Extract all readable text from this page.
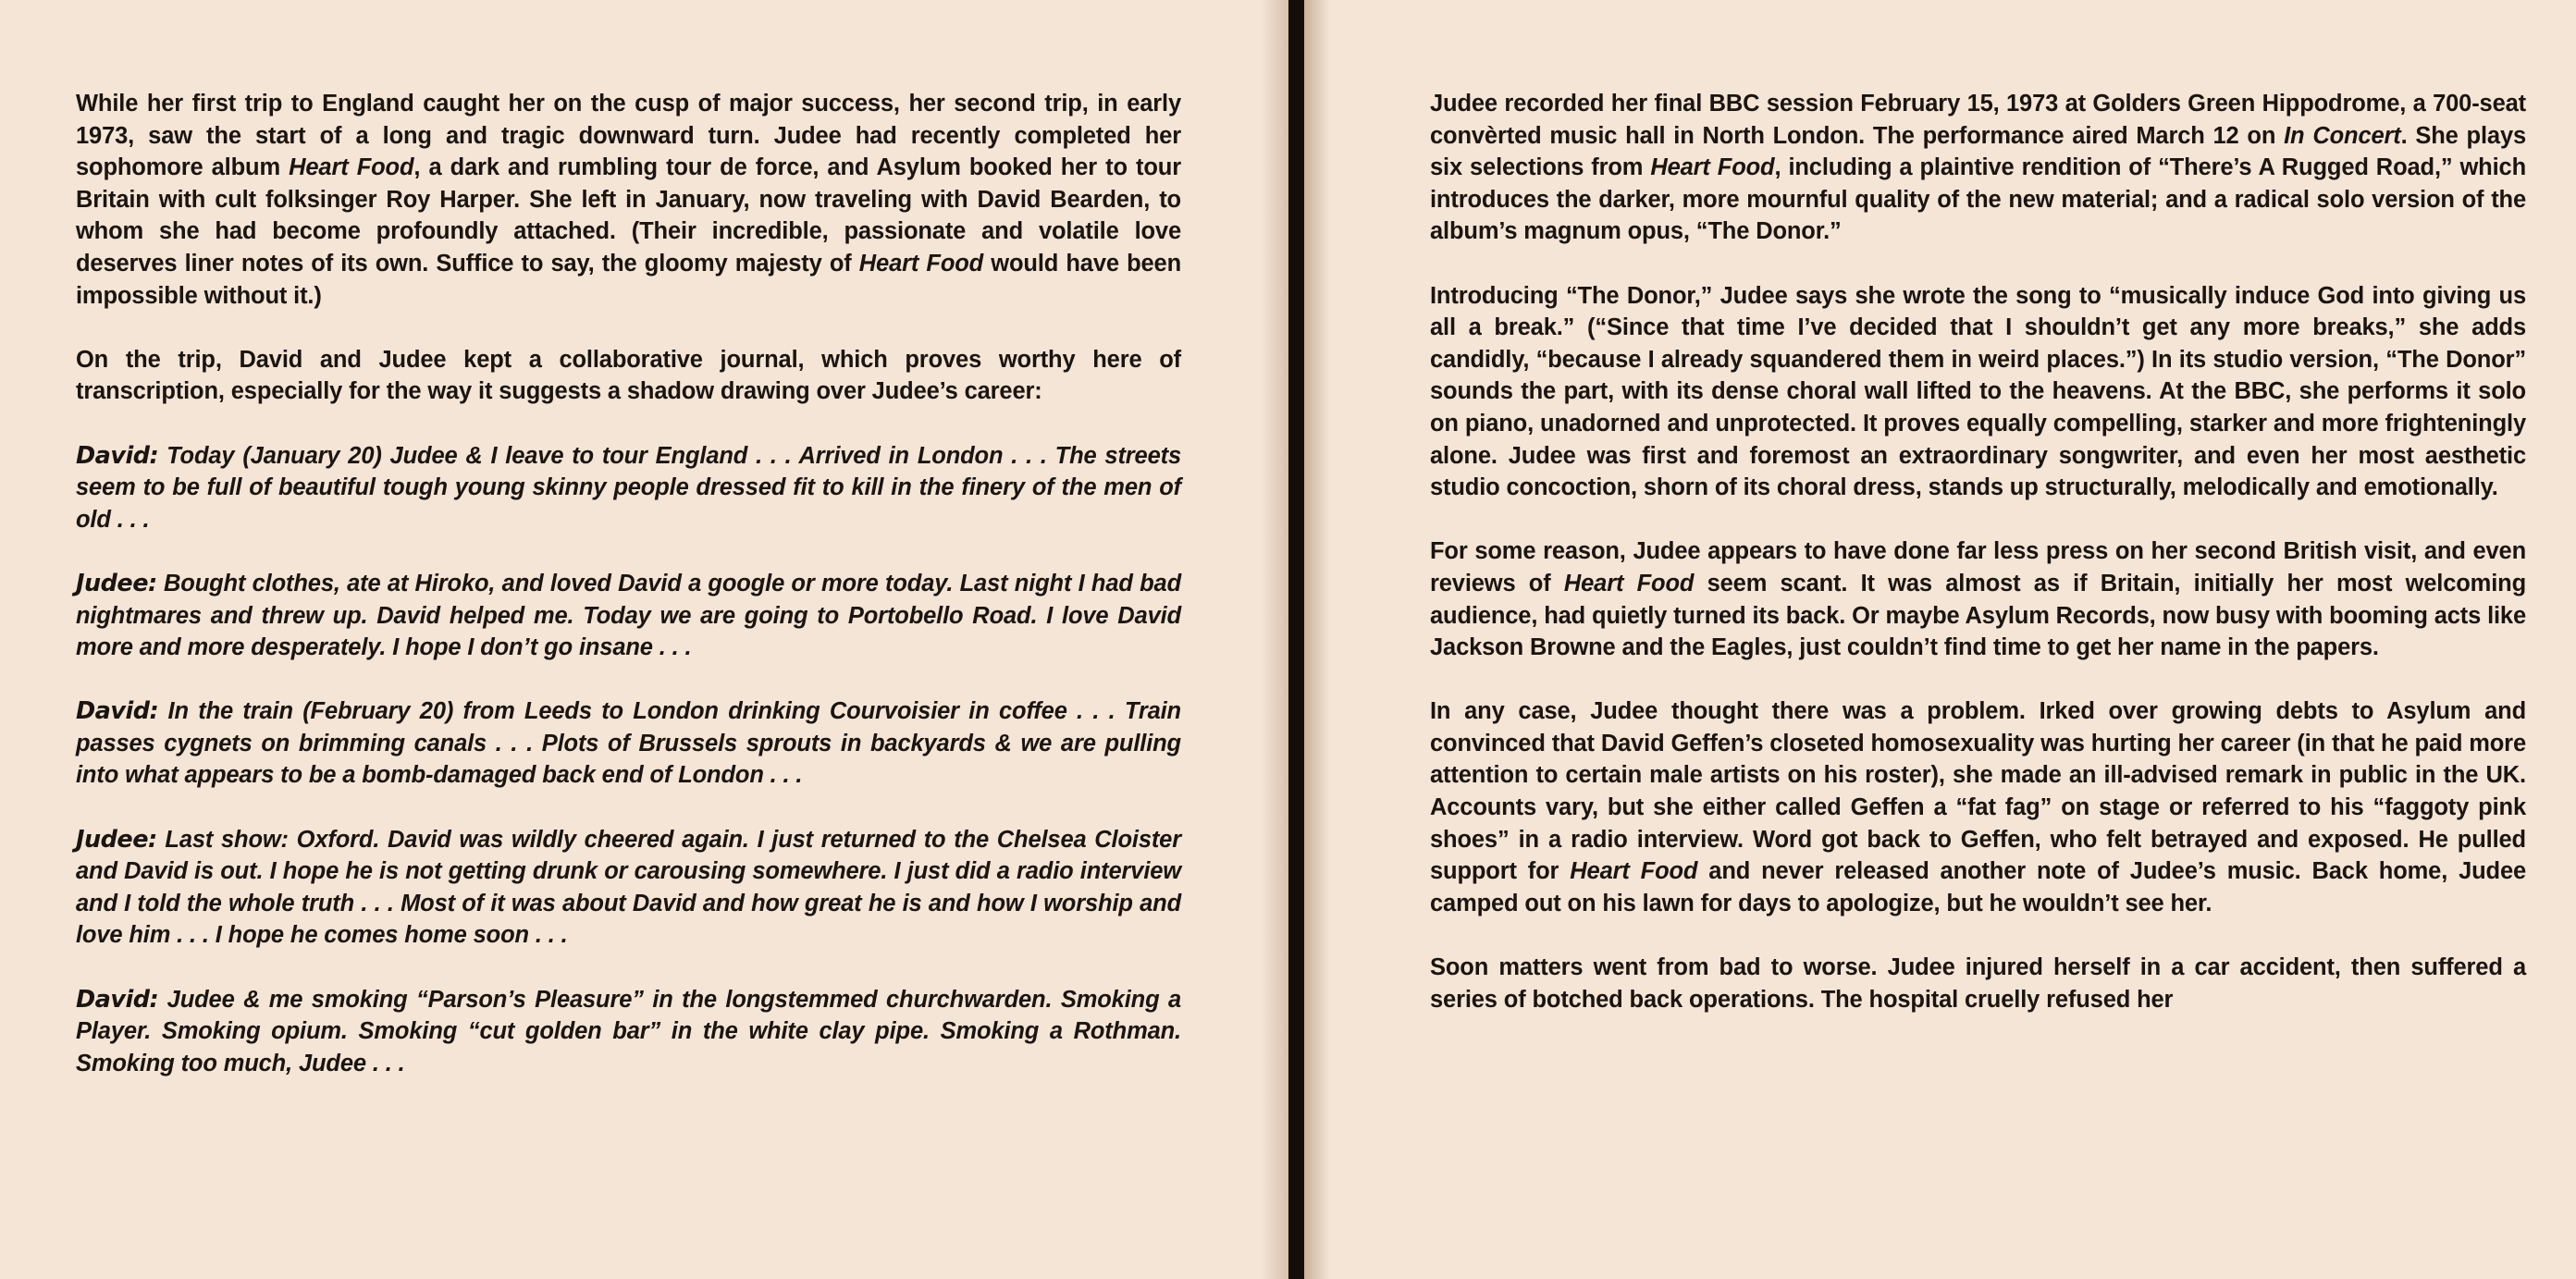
While her first trip to England caught her on the cusp of major success, her second trip, in early 1973, saw the start of a long and tragic downward turn. Judee had recently completed her sophomore album Heart Food, a dark and rumbling tour de force, and Asylum booked her to tour Britain with cult folksinger Roy Harper. She left in January, now traveling with David Bearden, to whom she had become profoundly attached. (Their incredible, passionate and volatile love deserves liner notes of its own. Suffice to say, the gloomy majesty of Heart Food would have been impossible without it.)

On the trip, David and Judee kept a collaborative journal, which proves worthy here of transcription, especially for the way it suggests a shadow drawing over Judee’s career:

David: Today (January 20) Judee & I leave to tour England . . . Arrived in London . . . The streets seem to be full of beautiful tough young skinny people dressed fit to kill in the finery of the men of old . . .

Judee: Bought clothes, ate at Hiroko, and loved David a google or more today. Last night I had bad nightmares and threw up. David helped me. Today we are going to Portobello Road. I love David more and more desperately. I hope I don’t go insane . . .

David: In the train (February 20) from Leeds to London drinking Courvoisier in coffee . . . Train passes cygnets on brimming canals . . . Plots of Brussels sprouts in backyards & we are pulling into what appears to be a bomb-damaged back end of London . . .

Judee: Last show: Oxford. David was wildly cheered again. I just returned to the Chelsea Cloister and David is out. I hope he is not getting drunk or carousing somewhere. I just did a radio interview and I told the whole truth . . . Most of it was about David and how great he is and how I worship and love him . . . I hope he comes home soon . . .

David: Judee & me smoking “Parson’s Pleasure” in the longstemmed churchwarden. Smoking a Player. Smoking opium. Smoking “cut golden bar” in the white clay pipe. Smoking a Rothman. Smoking too much, Judee . . .

Judee recorded her final BBC session February 15, 1973 at Golders Green Hippodrome, a 700-seat convèrted music hall in North London. The performance aired March 12 on In Concert. She plays six selections from Heart Food, including a plaintive rendition of “There’s A Rugged Road,” which introduces the darker, more mournful quality of the new material; and a radical solo version of the album’s magnum opus, “The Donor.”

Introducing “The Donor,” Judee says she wrote the song to “musically induce God into giving us all a break.” (“Since that time I’ve decided that I shouldn’t get any more breaks,” she adds candidly, “because I already squandered them in weird places.”) In its studio version, “The Donor” sounds the part, with its dense choral wall lifted to the heavens. At the BBC, she performs it solo on piano, unadorned and unprotected. It proves equally compelling, starker and more frighteningly alone. Judee was first and foremost an extraordinary songwriter, and even her most aesthetic studio concoction, shorn of its choral dress, stands up structurally, melodically and emotionally.

For some reason, Judee appears to have done far less press on her second British visit, and even reviews of Heart Food seem scant. It was almost as if Britain, initially her most welcoming audience, had quietly turned its back. Or maybe Asylum Records, now busy with booming acts like Jackson Browne and the Eagles, just couldn’t find time to get her name in the papers.

In any case, Judee thought there was a problem. Irked over growing debts to Asylum and convinced that David Geffen’s closeted homosexuality was hurting her career (in that he paid more attention to certain male artists on his roster), she made an ill-advised remark in public in the UK. Accounts vary, but she either called Geffen a “fat fag” on stage or referred to his “faggoty pink shoes” in a radio interview. Word got back to Geffen, who felt betrayed and exposed. He pulled support for Heart Food and never released another note of Judee’s music. Back home, Judee camped out on his lawn for days to apologize, but he wouldn’t see her.

Soon matters went from bad to worse. Judee injured herself in a car accident, then suffered a series of botched back operations. The hospital cruelly refused her
